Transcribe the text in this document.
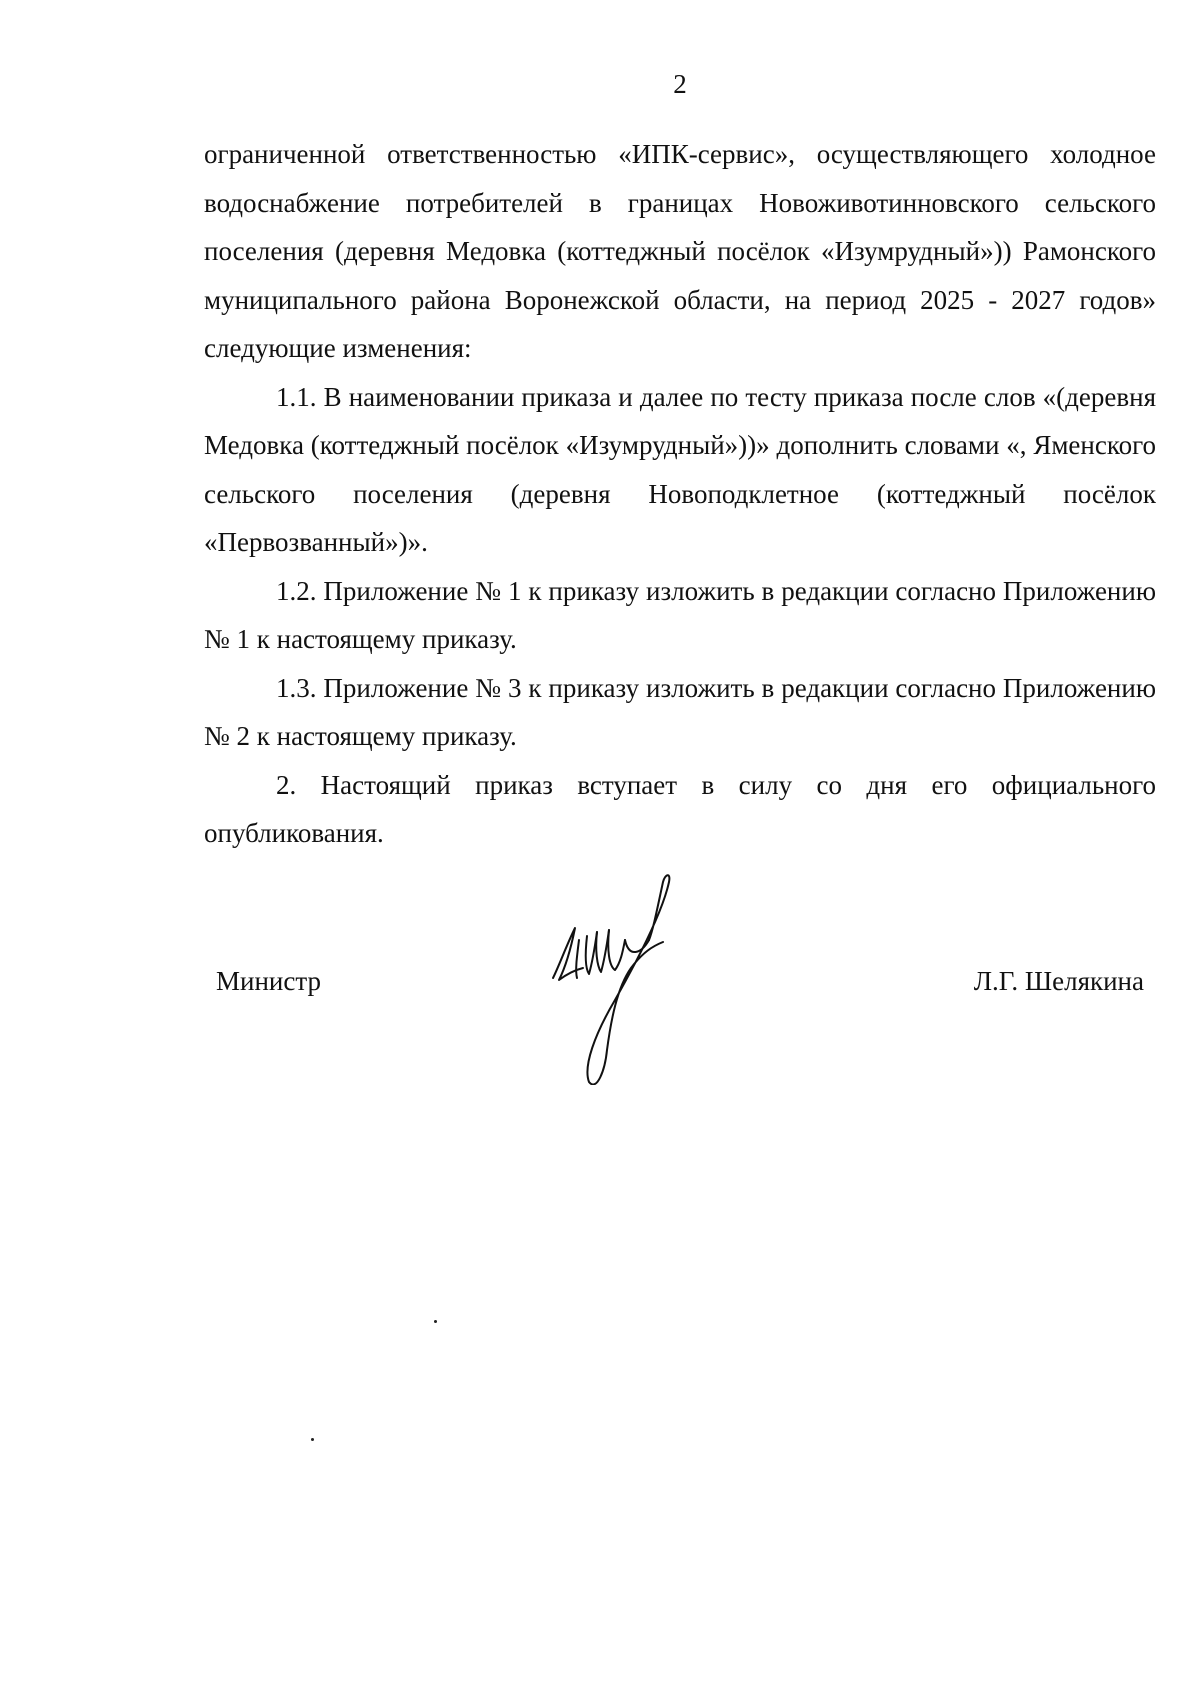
2

ограниченной ответственностью «ИПК-сервис», осуществляющего холодное водоснабжение потребителей в границах Новоживотинновского сельского поселения (деревня Медовка (коттеджный посёлок «Изумрудный»)) Рамонского муниципального района Воронежской области, на период 2025 - 2027 годов» следующие изменения:

1.1. В наименовании приказа и далее по тесту приказа после слов «(деревня Медовка (коттеджный посёлок «Изумрудный»))» дополнить словами «, Яменского сельского поселения (деревня Новоподклетное (коттеджный посёлок «Первозванный»)».

1.2. Приложение № 1 к приказу изложить в редакции согласно Приложению № 1 к настоящему приказу.

1.3. Приложение № 3 к приказу изложить в редакции согласно Приложению № 2 к настоящему приказу.

2. Настоящий приказ вступает в силу со дня его официального опубликования.

Министр	Л.Г. Шелякина
